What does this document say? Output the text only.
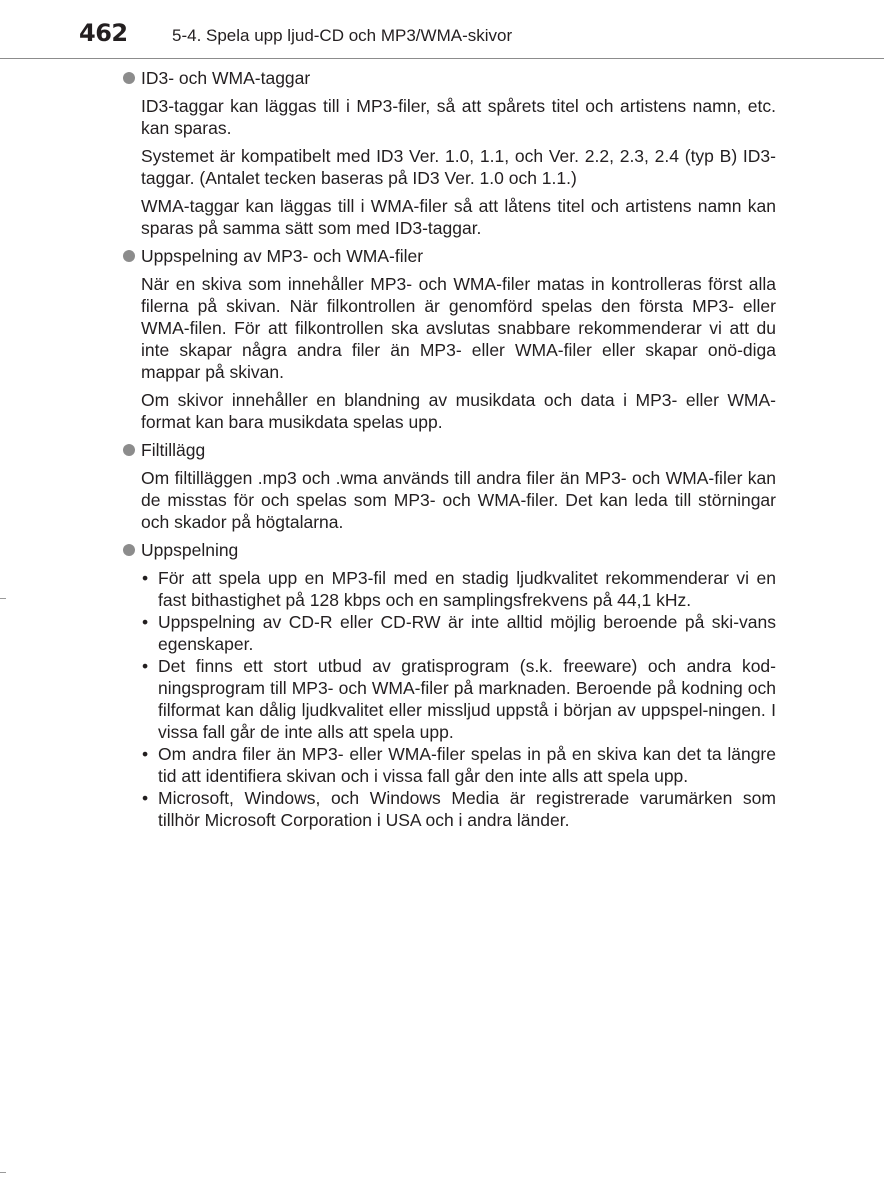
462	5-4. Spela upp ljud-CD och MP3/WMA-skivor
ID3- och WMA-taggar

ID3-taggar kan läggas till i MP3-filer, så att spårets titel och artistens namn, etc. kan sparas.

Systemet är kompatibelt med ID3 Ver. 1.0, 1.1, och Ver. 2.2, 2.3, 2.4 (typ B) ID3-taggar. (Antalet tecken baseras på ID3 Ver. 1.0 och 1.1.)

WMA-taggar kan läggas till i WMA-filer så att låtens titel och artistens namn kan sparas på samma sätt som med ID3-taggar.

Uppspelning av MP3- och WMA-filer

När en skiva som innehåller MP3- och WMA-filer matas in kontrolleras först alla filerna på skivan. När filkontrollen är genomförd spelas den första MP3- eller WMA-filen. För att filkontrollen ska avslutas snabbare rekommenderar vi att du inte skapar några andra filer än MP3- eller WMA-filer eller skapar onö-diga mappar på skivan.

Om skivor innehåller en blandning av musikdata och data i MP3- eller WMA-format kan bara musikdata spelas upp.

Filtillägg

Om filtilläggen .mp3 och .wma används till andra filer än MP3- och WMA-filer kan de misstas för och spelas som MP3- och WMA-filer. Det kan leda till störningar och skador på högtalarna.

Uppspelning
• För att spela upp en MP3-fil med en stadig ljudkvalitet rekommenderar vi en fast bithastighet på 128 kbps och en samplingsfrekvens på 44,1 kHz.
• Uppspelning av CD-R eller CD-RW är inte alltid möjlig beroende på ski-vans egenskaper.
• Det finns ett stort utbud av gratisprogram (s.k. freeware) och andra kod-ningsprogram till MP3- och WMA-filer på marknaden. Beroende på kodning och filformat kan dålig ljudkvalitet eller missljud uppstå i början av uppspel-ningen. I vissa fall går de inte alls att spela upp.
• Om andra filer än MP3- eller WMA-filer spelas in på en skiva kan det ta längre tid att identifiera skivan och i vissa fall går den inte alls att spela upp.
• Microsoft, Windows, och Windows Media är registrerade varumärken som tillhör Microsoft Corporation i USA och i andra länder.
